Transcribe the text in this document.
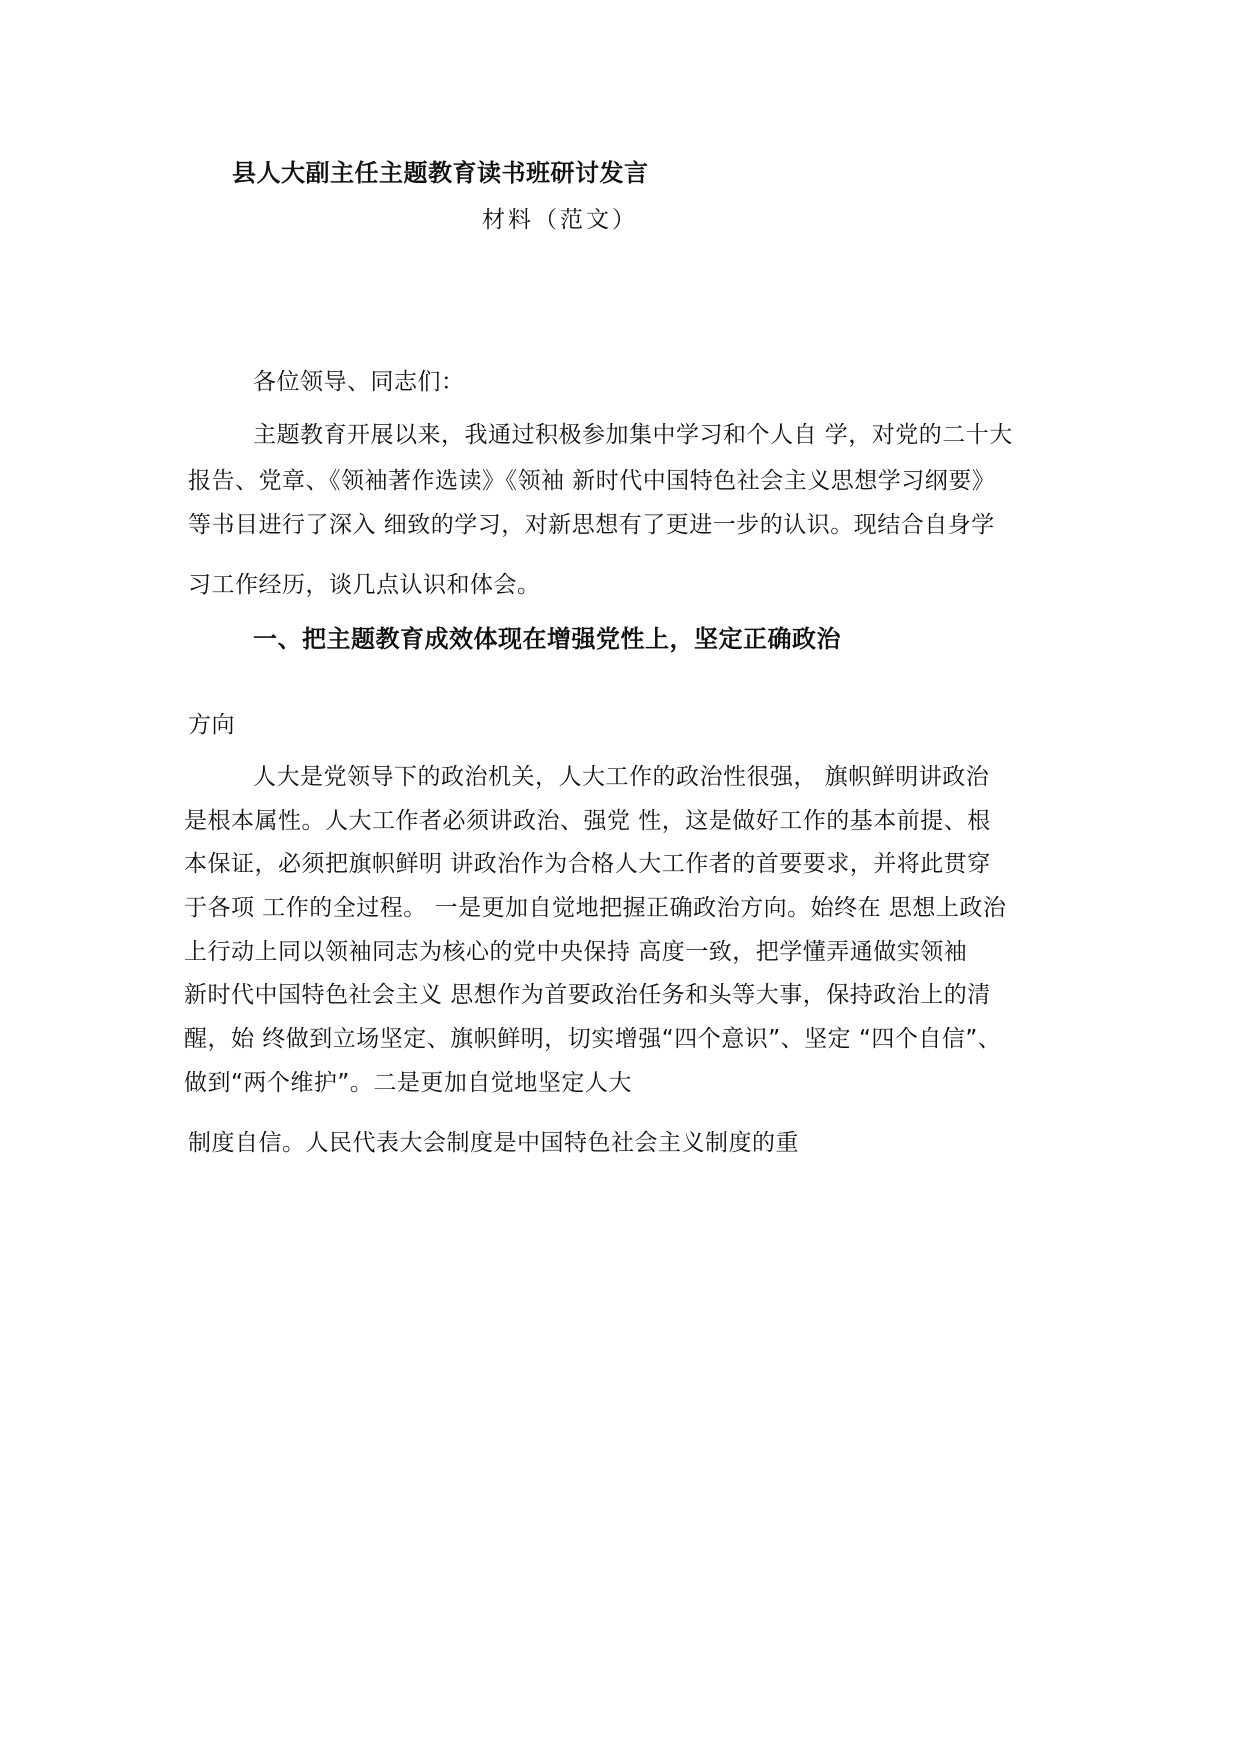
县人大副主任主题教育读书班研讨发言
材料（范文）
各位领导、同志们：
主题教育开展以来，我通过积极参加集中学习和个人自 学，对党的二十大
报告、党章、《领袖著作选读》《领袖 新时代中国特色社会主义思想学习纲要》
等书目进行了深入 细致的学习，对新思想有了更进一步的认识。现结合自身学
习工作经历，谈几点认识和体会。
一、把主题教育成效体现在增强党性上，坚定正确政治
方向
人大是党领导下的政治机关，人大工作的政治性很强， 旗帜鲜明讲政治
是根本属性。人大工作者必须讲政治、强党 性，这是做好工作的基本前提、根
本保证，必须把旗帜鲜明 讲政治作为合格人大工作者的首要要求，并将此贯穿
于各项 工作的全过程。 一是更加自觉地把握正确政治方向。始终在 思想上政治
上行动上同以领袖同志为核心的党中央保持 高度一致，把学懂弄通做实领袖
新时代中国特色社会主义 思想作为首要政治任务和头等大事，保持政治上的清
醒，始 终做到立场坚定、旗帜鲜明，切实增强“四个意识”、坚定 “四个自信”、
做到“两个维护”。二是更加自觉地坚定人大
制度自信。人民代表大会制度是中国特色社会主义制度的重
